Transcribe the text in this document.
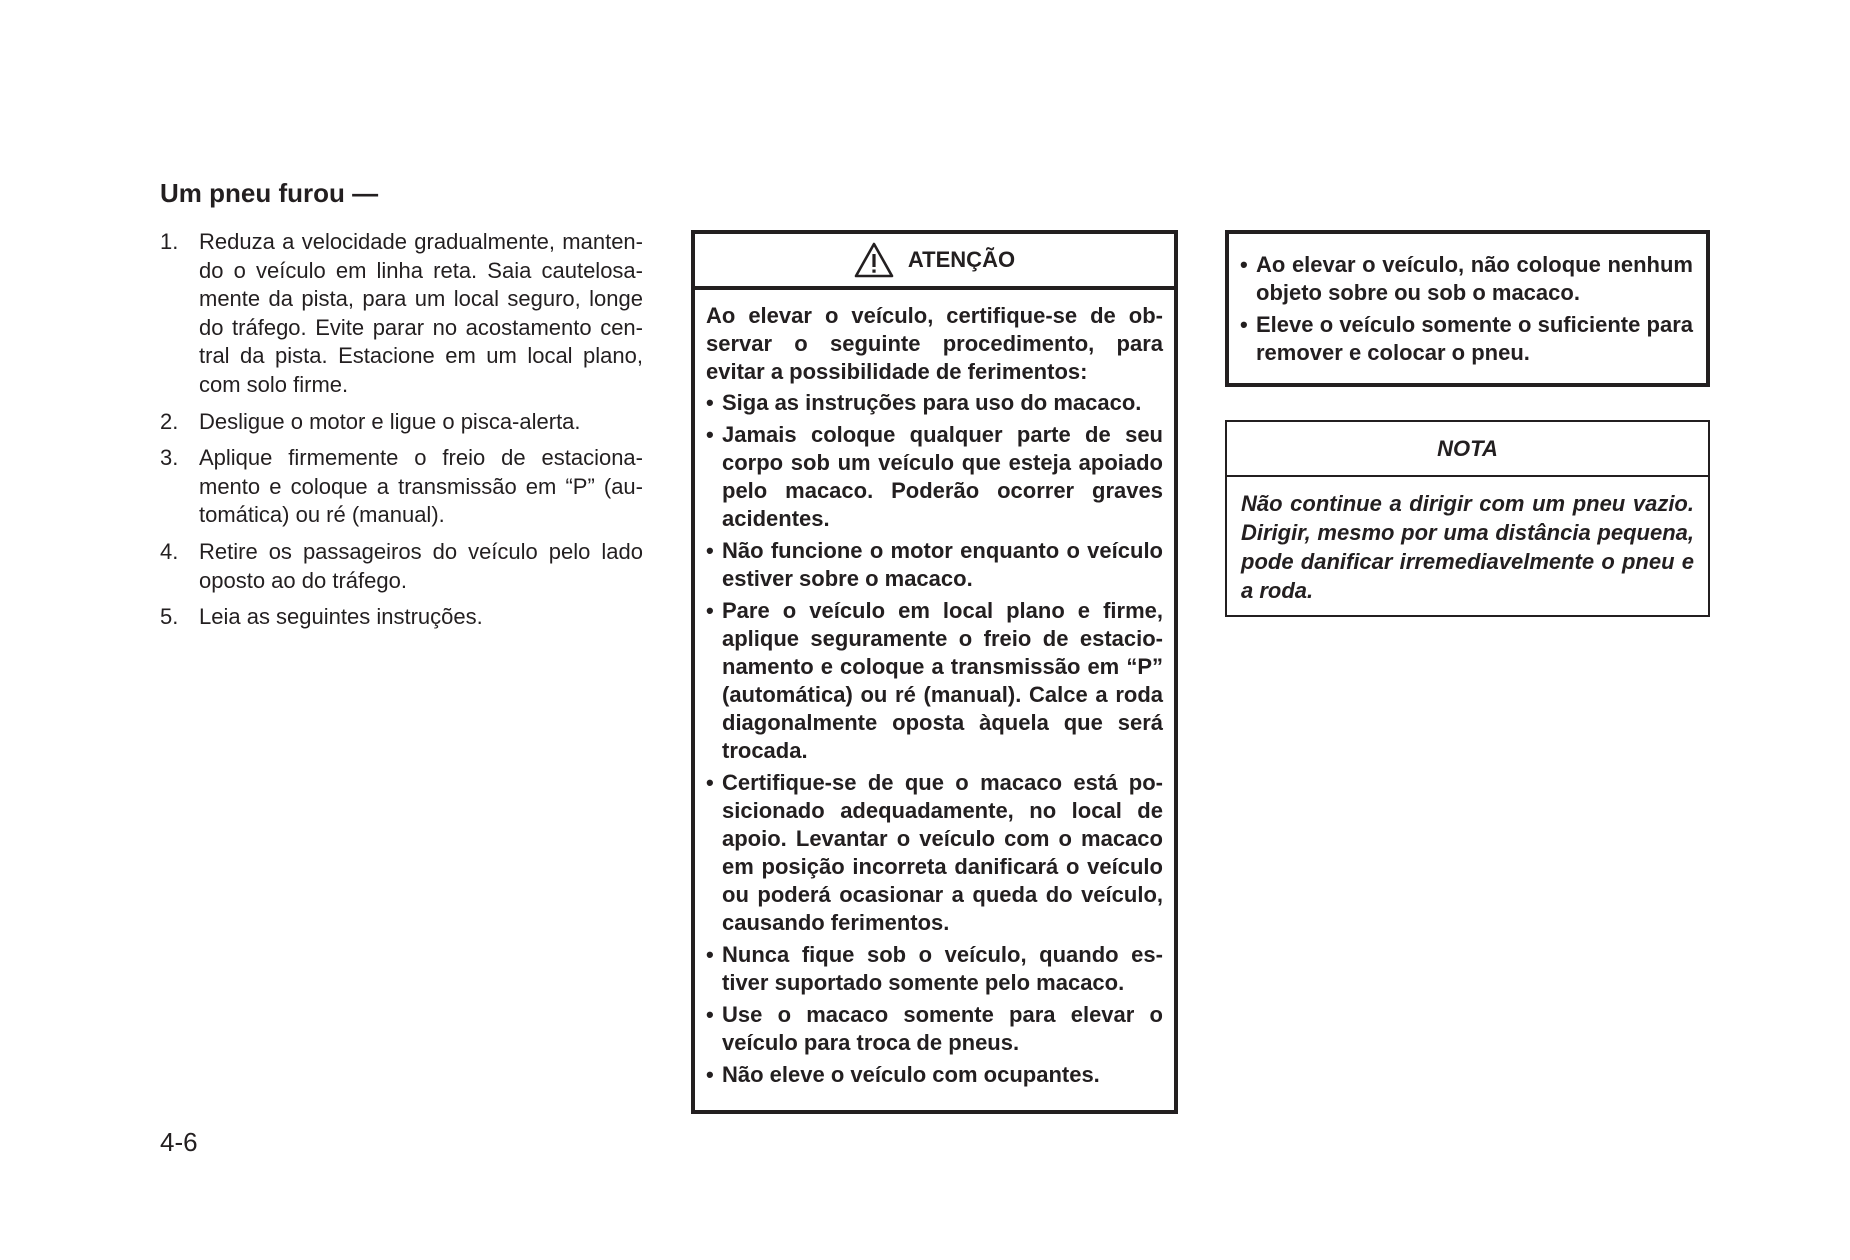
Um pneu furou —
1. Reduza a velocidade gradualmente, mantendo o veículo em linha reta. Saia cautelosamente da pista, para um local seguro, longe do tráfego. Evite parar no acostamento central da pista. Estacione em um local plano, com solo firme.
2. Desligue o motor e ligue o pisca-alerta.
3. Aplique firmemente o freio de estacionamento e coloque a transmissão em “P” (automática) ou ré (manual).
4. Retire os passageiros do veículo pelo lado oposto ao do tráfego.
5. Leia as seguintes instruções.
ATENÇÃO

Ao elevar o veículo, certifique-se de observar o seguinte procedimento, para evitar a possibilidade de ferimentos:

• Siga as instruções para uso do macaco.
• Jamais coloque qualquer parte de seu corpo sob um veículo que esteja apoiado pelo macaco. Poderão ocorrer graves acidentes.
• Não funcione o motor enquanto o veículo estiver sobre o macaco.
• Pare o veículo em local plano e firme, aplique seguramente o freio de estacionamento e coloque a transmissão em “P” (automática) ou ré (manual). Calce a roda diagonalmente oposta àquela que será trocada.
• Certifique-se de que o macaco está posicionado adequadamente, no local de apoio. Levantar o veículo com o macaco em posição incorreta danificará o veículo ou poderá ocasionar a queda do veículo, causando ferimentos.
• Nunca fique sob o veículo, quando estiver suportado somente pelo macaco.
• Use o macaco somente para elevar o veículo para troca de pneus.
• Não eleve o veículo com ocupantes.
• Ao elevar o veículo, não coloque nenhum objeto sobre ou sob o macaco.
• Eleve o veículo somente o suficiente para remover e colocar o pneu.
NOTA

Não continue a dirigir com um pneu vazio. Dirigir, mesmo por uma distância pequena, pode danificar irremediavelmente o pneu e a roda.

4-6
